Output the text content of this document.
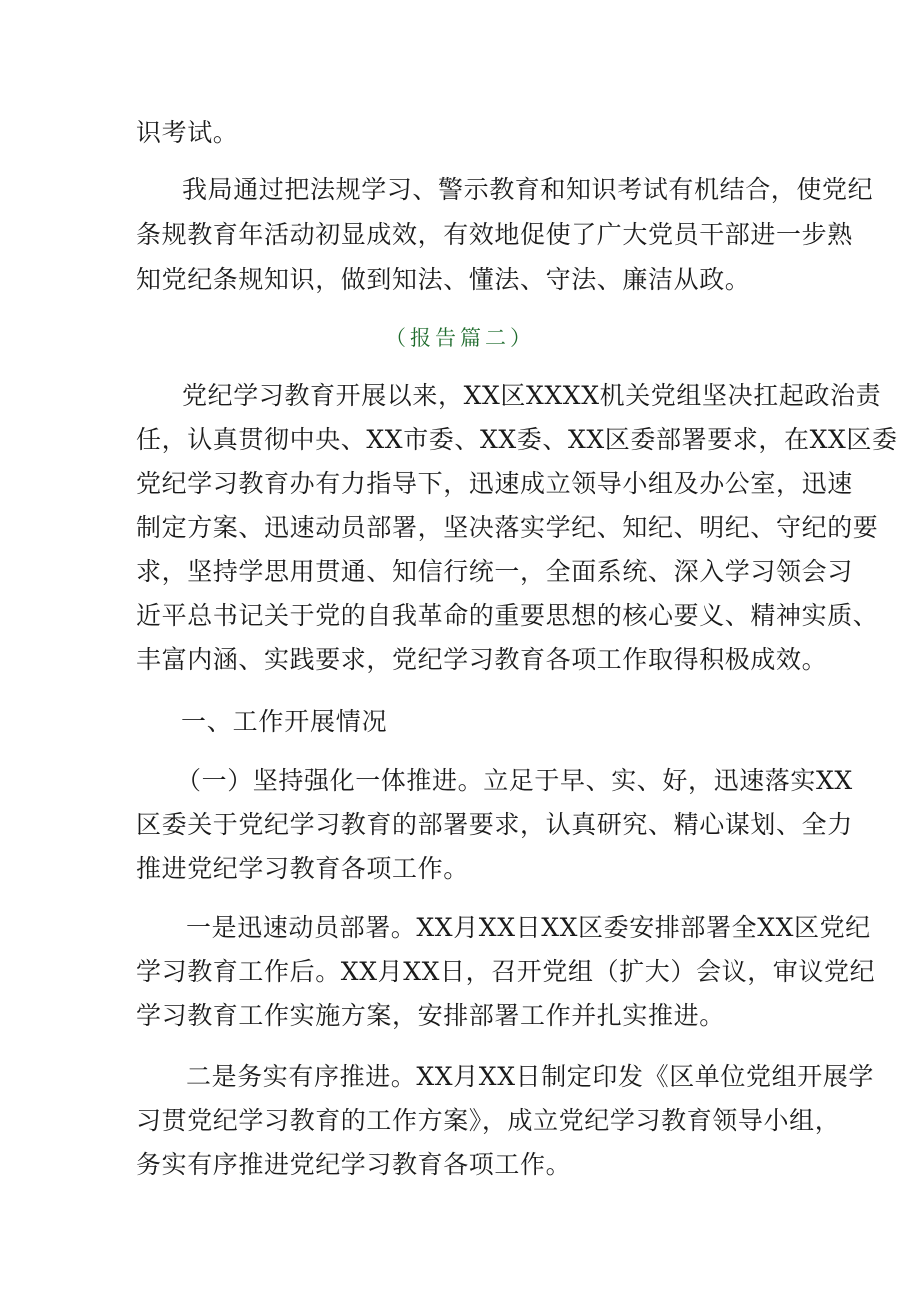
识考试。
我局通过把法规学习、警示教育和知识考试有机结合，使党纪
条规教育年活动初显成效，有效地促使了广大党员干部进一步熟
知党纪条规知识，做到知法、懂法、守法、廉洁从政。
（报告篇二）
党纪学习教育开展以来，XX区XXXX机关党组坚决扛起政治责
任，认真贯彻中央、XX市委、XX委、XX区委部署要求，在XX区委
党纪学习教育办有力指导下，迅速成立领导小组及办公室，迅速
制定方案、迅速动员部署，坚决落实学纪、知纪、明纪、守纪的要
求，坚持学思用贯通、知信行统一，全面系统、深入学习领会习
近平总书记关于党的自我革命的重要思想的核心要义、精神实质、
丰富内涵、实践要求，党纪学习教育各项工作取得积极成效。
一、工作开展情况
（一）坚持强化一体推进。立足于早、实、好，迅速落实XX
区委关于党纪学习教育的部署要求，认真研究、精心谋划、全力
推进党纪学习教育各项工作。
一是迅速动员部署。XX月XX日XX区委安排部署全XX区党纪
学习教育工作后。XX月XX日，召开党组（扩大）会议，审议党纪
学习教育工作实施方案，安排部署工作并扎实推进。
二是务实有序推进。XX月XX日制定印发《区单位党组开展学
习贯党纪学习教育的工作方案》，成立党纪学习教育领导小组，
务实有序推进党纪学习教育各项工作。
